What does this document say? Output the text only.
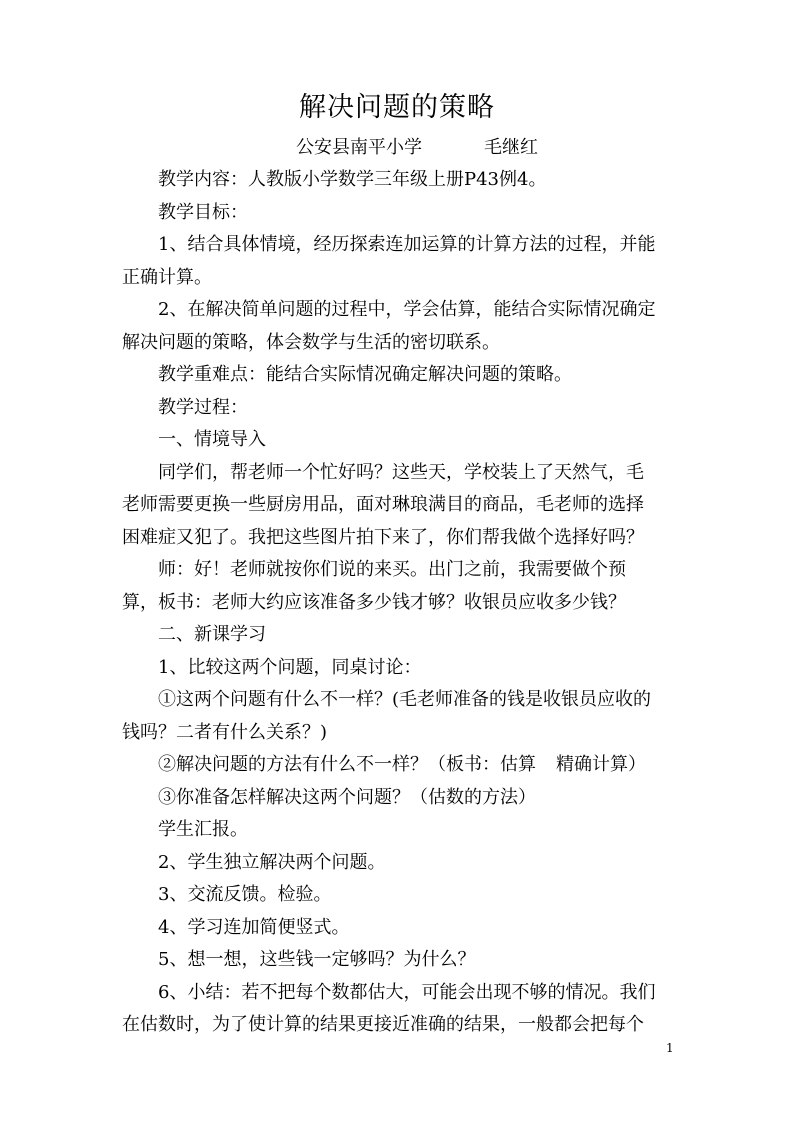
解决问题的策略
公安县南平小学	毛继红
教学内容：人教版小学数学三年级上册P43例4。
教学目标：
1、结合具体情境，经历探索连加运算的计算方法的过程，并能
正确计算。
2、在解决简单问题的过程中，学会估算，能结合实际情况确定
解决问题的策略，体会数学与生活的密切联系。
教学重难点：能结合实际情况确定解决问题的策略。
教学过程：
一、情境导入
同学们，帮老师一个忙好吗？这些天，学校装上了天然气，毛
老师需要更换一些厨房用品，面对琳琅满目的商品，毛老师的选择
困难症又犯了。我把这些图片拍下来了，你们帮我做个选择好吗？
师：好！老师就按你们说的来买。出门之前，我需要做个预
算，板书：老师大约应该准备多少钱才够？收银员应收多少钱？
二、新课学习
1、比较这两个问题，同桌讨论：
①这两个问题有什么不一样？(毛老师准备的钱是收银员应收的
钱吗？二者有什么关系？)
②解决问题的方法有什么不一样？（板书：估算 精确计算）
③你准备怎样解决这两个问题？（估数的方法）
学生汇报。
2、学生独立解决两个问题。
3、交流反馈。检验。
4、学习连加简便竖式。
5、想一想，这些钱一定够吗？为什么？
6、小结：若不把每个数都估大，可能会出现不够的情况。我们
在估数时，为了使计算的结果更接近准确的结果，一般都会把每个
1
